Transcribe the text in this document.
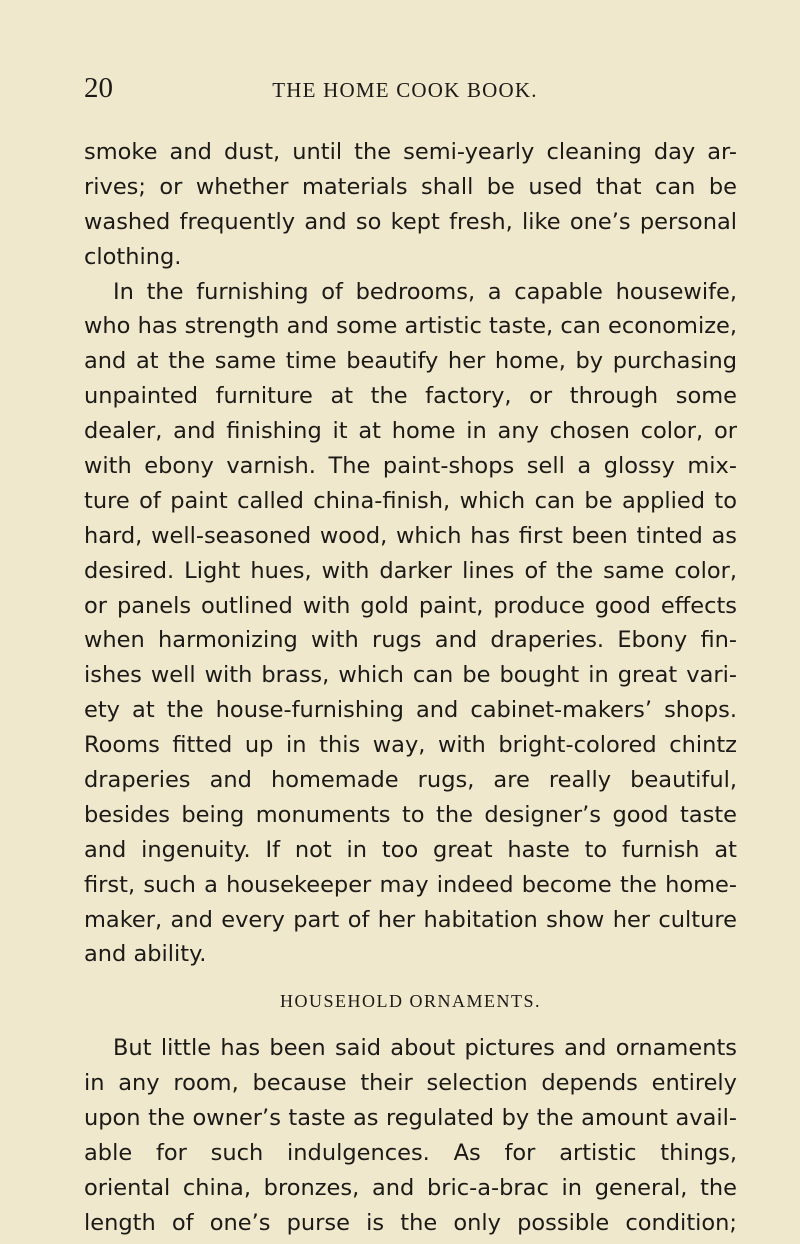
20	THE HOME COOK BOOK.
smoke and dust, until the semi-yearly cleaning day ar-
rives; or whether materials shall be used that can be
washed frequently and so kept fresh, like one’s personal
clothing.
In the furnishing of bedrooms, a capable housewife,
who has strength and some artistic taste, can economize,
and at the same time beautify her home, by purchasing
unpainted furniture at the factory, or through some
dealer, and finishing it at home in any chosen color, or
with ebony varnish. The paint-shops sell a glossy mix-
ture of paint called china-finish, which can be applied to
hard, well-seasoned wood, which has first been tinted as
desired. Light hues, with darker lines of the same color,
or panels outlined with gold paint, produce good effects
when harmonizing with rugs and draperies. Ebony fin-
ishes well with brass, which can be bought in great vari-
ety at the house-furnishing and cabinet-makers’ shops.
Rooms fitted up in this way, with bright-colored chintz
draperies and homemade rugs, are really beautiful,
besides being monuments to the designer’s good taste
and ingenuity. If not in too great haste to furnish at
first, such a housekeeper may indeed become the home-
maker, and every part of her habitation show her culture
and ability.
HOUSEHOLD ORNAMENTS.
But little has been said about pictures and ornaments
in any room, because their selection depends entirely
upon the owner’s taste as regulated by the amount avail-
able for such indulgences. As for artistic things,
oriental china, bronzes, and bric-a-brac in general, the
length of one’s purse is the only possible condition;
